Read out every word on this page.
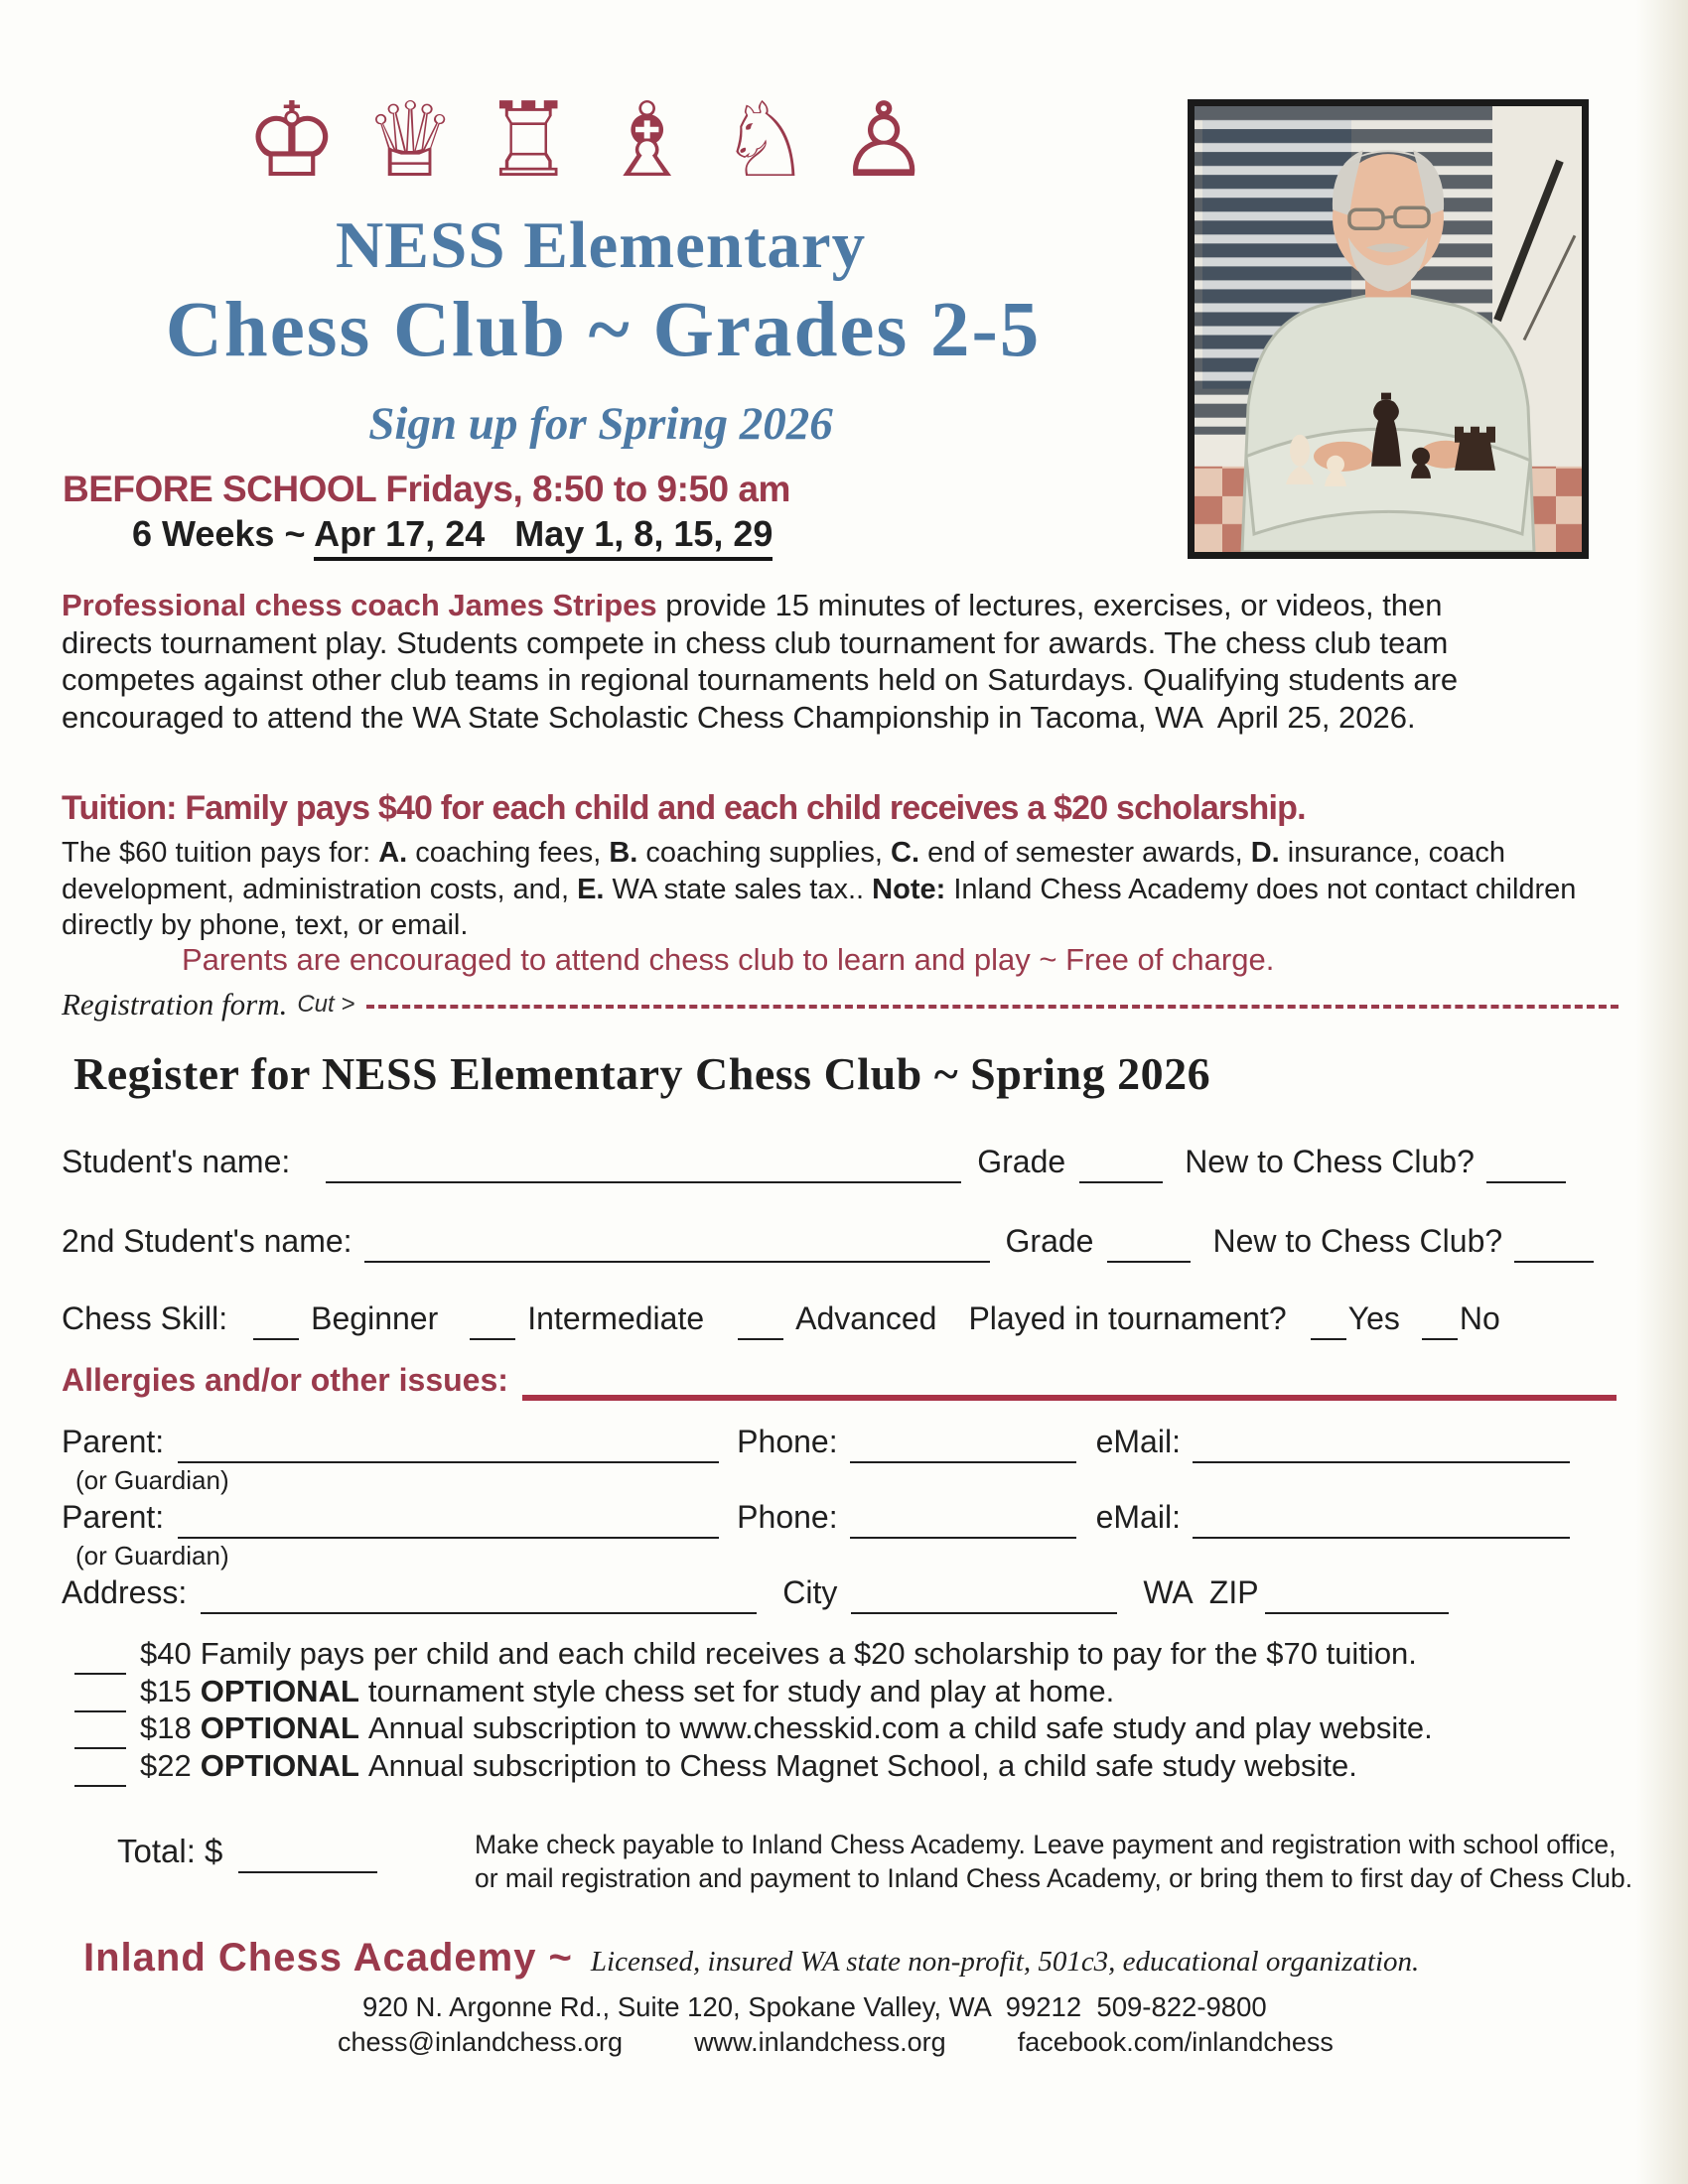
♔♕♖♗♘♙
NESS Elementary
Chess Club ~ Grades 2-5
Sign up for Spring 2026
BEFORE SCHOOL Fridays, 8:50 to 9:50 am
6 Weeks ~ Apr 17, 24   May 1, 8, 15, 29
Professional chess coach James Stripes provide 15 minutes of lectures, exercises, or videos, then
directs tournament play. Students compete in chess club tournament for awards. The chess club team
competes against other club teams in regional tournaments held on Saturdays. Qualifying students are
encouraged to attend the WA State Scholastic Chess Championship in Tacoma, WA  April 25, 2026.
Tuition: Family pays $40 for each child and each child receives a $20 scholarship.
The $60 tuition pays for: A. coaching fees, B. coaching supplies, C. end of semester awards, D. insurance, coach
development, administration costs, and, E. WA state sales tax.. Note: Inland Chess Academy does not contact children
directly by phone, text, or email.
Parents are encouraged to attend chess club to learn and play ~ Free of charge.
Registration form. Cut >
Register for NESS Elementary Chess Club ~ Spring 2026
Student's name:	Grade	New to Chess Club?
2nd Student's name:	Grade	New to Chess Club?
Chess Skill:	Beginner	Intermediate	Advanced Played in tournament? Yes No
Allergies and/or other issues:
Parent:	Phone:	eMail:
(or Guardian)
Parent:	Phone:	eMail:
(or Guardian)
Address:	City	WA  ZIP
$40 Family pays per child and each child receives a $20 scholarship to pay for the $70 tuition.
$15 OPTIONAL tournament style chess set for study and play at home.
$18 OPTIONAL Annual subscription to www.chesskid.com a child safe study and play website.
$22 OPTIONAL Annual subscription to Chess Magnet School, a child safe study website.
Total: $	Make check payable to Inland Chess Academy. Leave payment and registration with school office,
or mail registration and payment to Inland Chess Academy, or bring them to first day of Chess Club.
Inland Chess Academy ~ Licensed, insured WA state non-profit, 501c3, educational organization.
920 N. Argonne Rd., Suite 120, Spokane Valley, WA  99212  509-822-9800
chess@inlandchess.org	www.inlandchess.org	facebook.com/inlandchess
